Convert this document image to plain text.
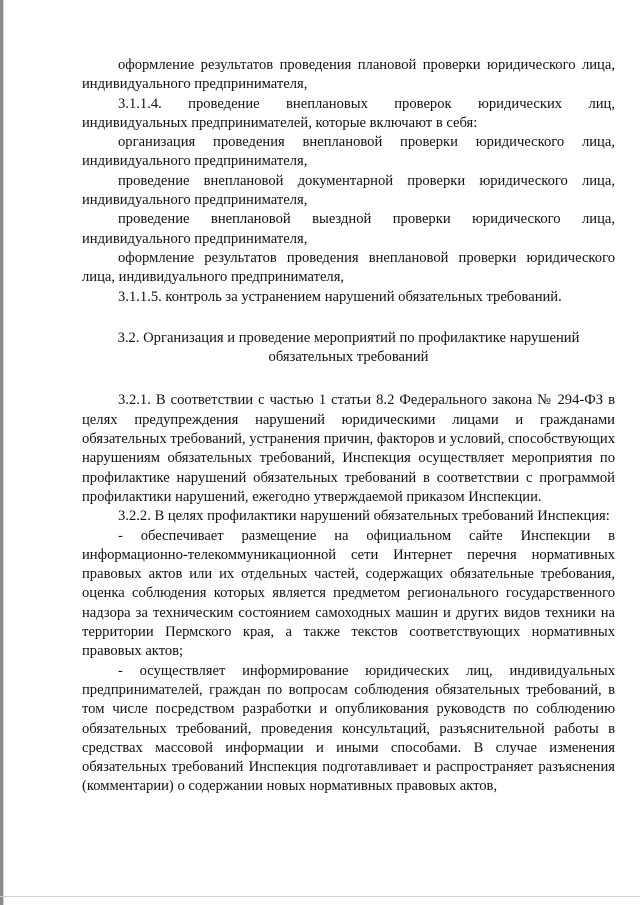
оформление результатов проведения плановой проверки юридического лица, индивидуального предпринимателя,

3.1.1.4.     проведение     внеплановых     проверок     юридических     лиц, индивидуальных предпринимателей, которые включают в себя:

организация проведения внеплановой проверки юридического лица, индивидуального предпринимателя,

проведение внеплановой документарной проверки юридического лица, индивидуального предпринимателя,

проведение внеплановой выездной проверки юридического лица, индивидуального предпринимателя,

оформление результатов проведения внеплановой проверки юридического лица, индивидуального предпринимателя,

3.1.1.5. контроль за устранением нарушений обязательных требований.

3.2. Организация и проведение мероприятий по профилактике нарушений обязательных требований

3.2.1. В соответствии с частью 1 статьи 8.2 Федерального закона № 294-ФЗ в целях предупреждения нарушений юридическими лицами и гражданами обязательных требований, устранения причин, факторов и условий, способствующих нарушениям обязательных требований, Инспекция осуществляет мероприятия по профилактике нарушений обязательных требований в соответствии с программой профилактики нарушений, ежегодно утверждаемой приказом Инспекции.

3.2.2. В целях профилактики нарушений обязательных требований Инспекция:

- обеспечивает размещение на официальном сайте Инспекции в информационно-телекоммуникационной сети Интернет перечня нормативных правовых актов или их отдельных частей, содержащих обязательные требования, оценка соблюдения которых является предметом регионального государственного надзора за техническим состоянием самоходных машин и других видов техники на территории Пермского края, а также текстов соответствующих нормативных правовых актов;

- осуществляет информирование юридических лиц, индивидуальных предпринимателей, граждан по вопросам соблюдения обязательных требований, в том числе посредством разработки и опубликования руководств по соблюдению обязательных требований, проведения консультаций, разъяснительной работы в средствах массовой информации и иными способами. В случае изменения обязательных требований Инспекция подготавливает и распространяет разъяснения (комментарии) о содержании новых нормативных правовых актов,
